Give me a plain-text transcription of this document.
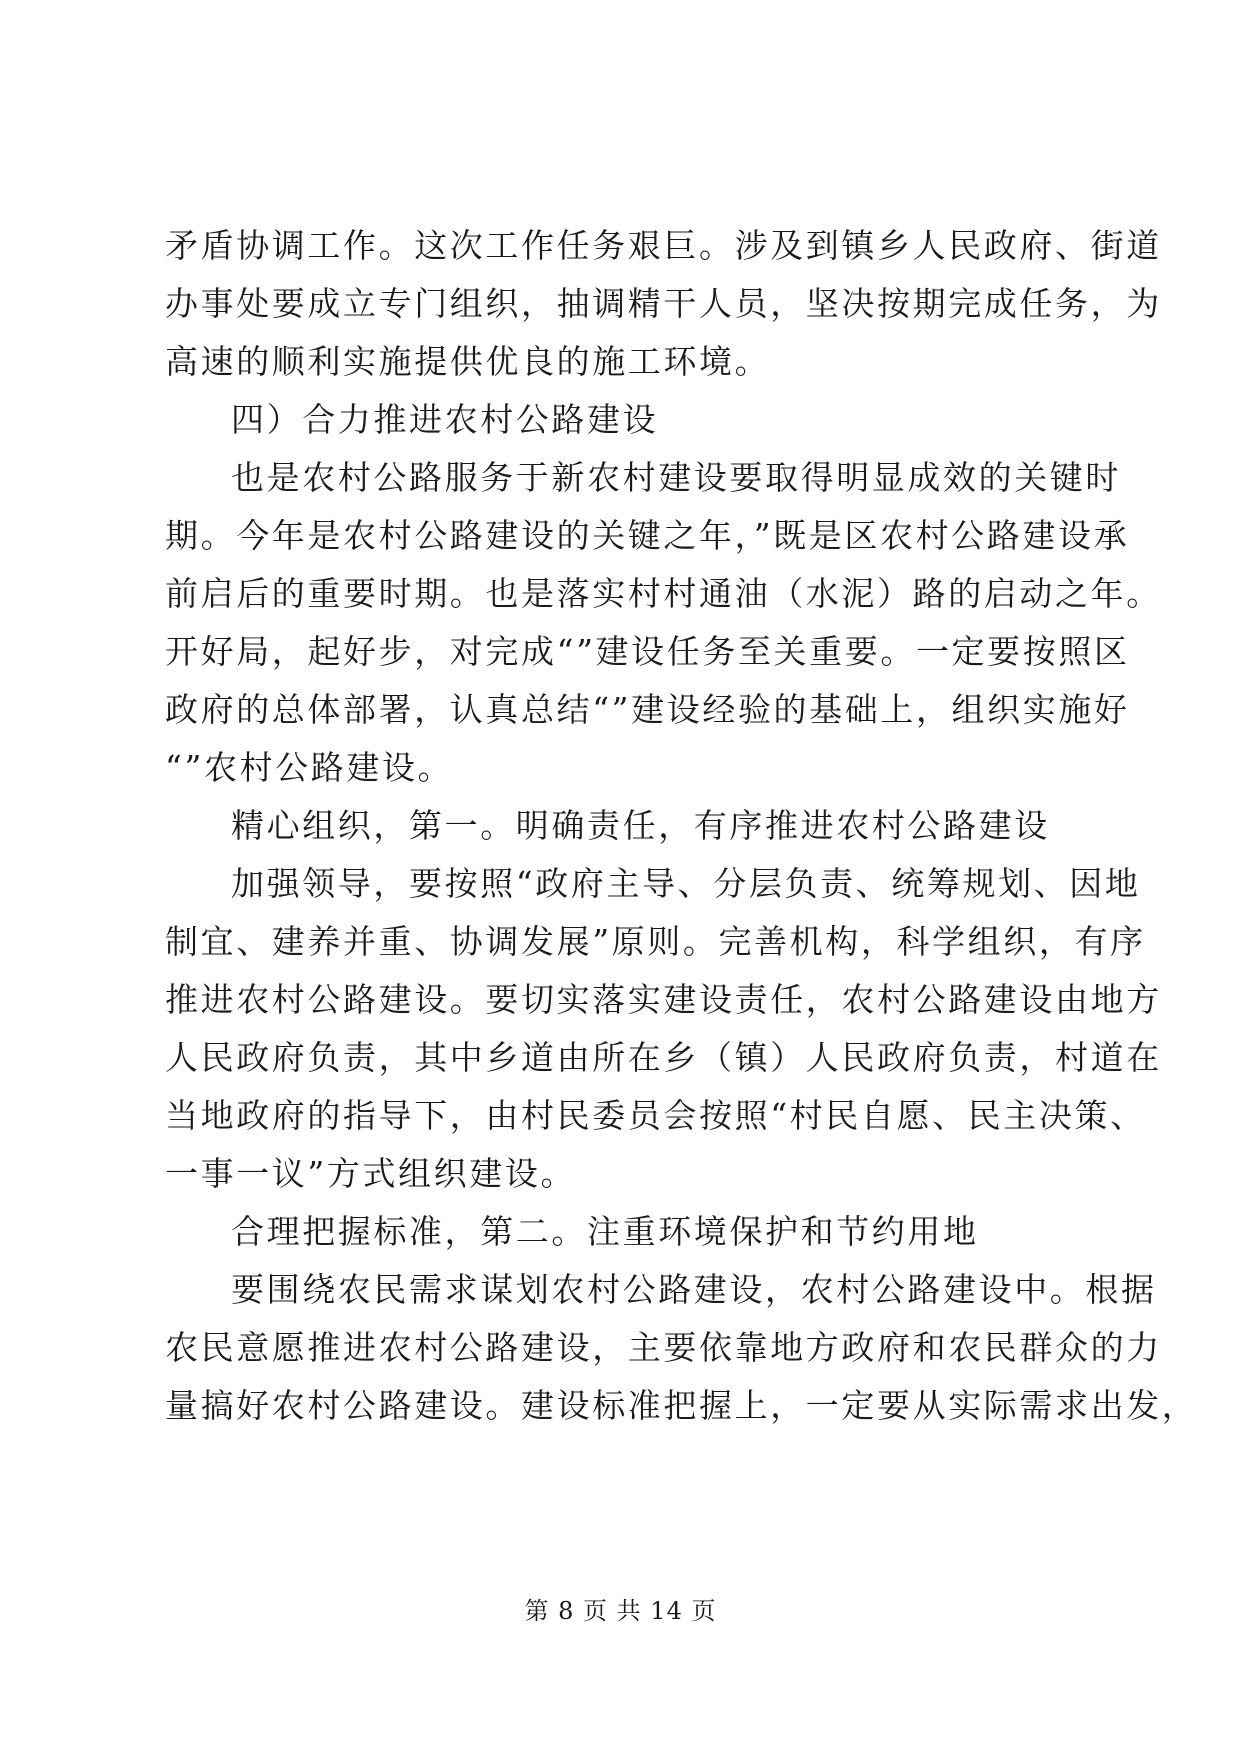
矛盾协调工作。这次工作任务艰巨。涉及到镇乡人民政府、街道
办事处要成立专门组织，抽调精干人员，坚决按期完成任务，为
高速的顺利实施提供优良的施工环境。
四）合力推进农村公路建设
也是农村公路服务于新农村建设要取得明显成效的关键时
期。今年是农村公路建设的关键之年，”既是区农村公路建设承
前启后的重要时期。也是落实村村通油（水泥）路的启动之年。
开好局，起好步，对完成“”建设任务至关重要。一定要按照区
政府的总体部署，认真总结“”建设经验的基础上，组织实施好
“”农村公路建设。
精心组织，第一。明确责任，有序推进农村公路建设
加强领导，要按照“政府主导、分层负责、统筹规划、因地
制宜、建养并重、协调发展”原则。完善机构，科学组织，有序
推进农村公路建设。要切实落实建设责任，农村公路建设由地方
人民政府负责，其中乡道由所在乡（镇）人民政府负责，村道在
当地政府的指导下，由村民委员会按照“村民自愿、民主决策、
一事一议”方式组织建设。
合理把握标准，第二。注重环境保护和节约用地
要围绕农民需求谋划农村公路建设，农村公路建设中。根据
农民意愿推进农村公路建设，主要依靠地方政府和农民群众的力
量搞好农村公路建设。建设标准把握上，一定要从实际需求出发，
第 8 页 共 14 页
